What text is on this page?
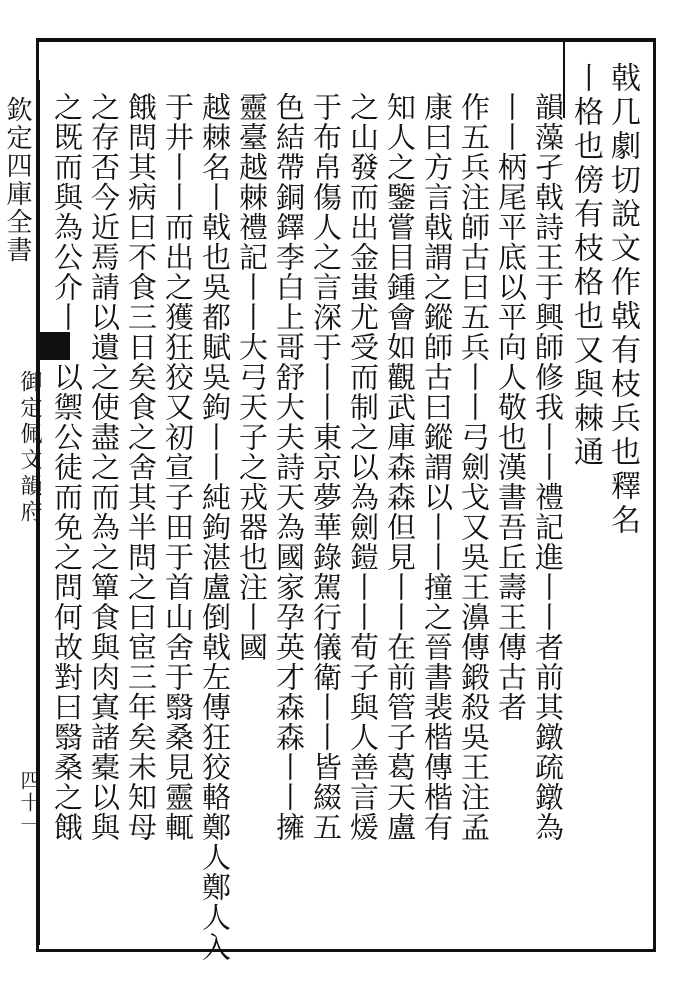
欽定四庫全書
御定佩文韻府
四十一
戟几劇切說文作㦸有枝兵也釋名
丨格也傍有枝格也又與棘通
韻藻孑戟詩王于興師修我丨丨禮記進丨丨者前其鐓疏鐓為
丨丨柄尾平底以平向人敬也漢書吾丘壽王傳古者
作五兵注師古曰五兵丨丨弓劍戈又吳王濞傳鍛殺吳王注孟
康曰方言戟謂之鏦師古曰鏦謂以丨丨撞之晉書裴楷傳楷有
知人之鑒嘗目鍾會如觀武庫森森但見丨丨在前管子葛天盧
之山發而出金蚩尤受而制之以為劍鎧丨丨荀子與人善言煖
于布帛傷人之言深于丨丨東京夢華錄駕行儀衛丨丨皆綴五
色結帶銅鐸李白上哥舒大夫詩天為國家孕英才森森丨丨擁
靈臺越棘禮記丨丨大弓天子之戎器也注丨國
越棘名丨戟也吳都賦吳鉤丨丨純鉤湛盧倒戟左傳狂狡輅鄭人鄭人入
于井丨丨而出之獲狂狡又初宣子田于首山舍于翳桑見靈輒
餓問其病曰不食三日矣食之舍其半問之曰宦三年矣未知母
之存否今近焉請以遺之使盡之而為之簞食與肉寘諸橐以與
之既而與為公介丨丨以禦公徒而免之問何故對曰翳桑之餓
